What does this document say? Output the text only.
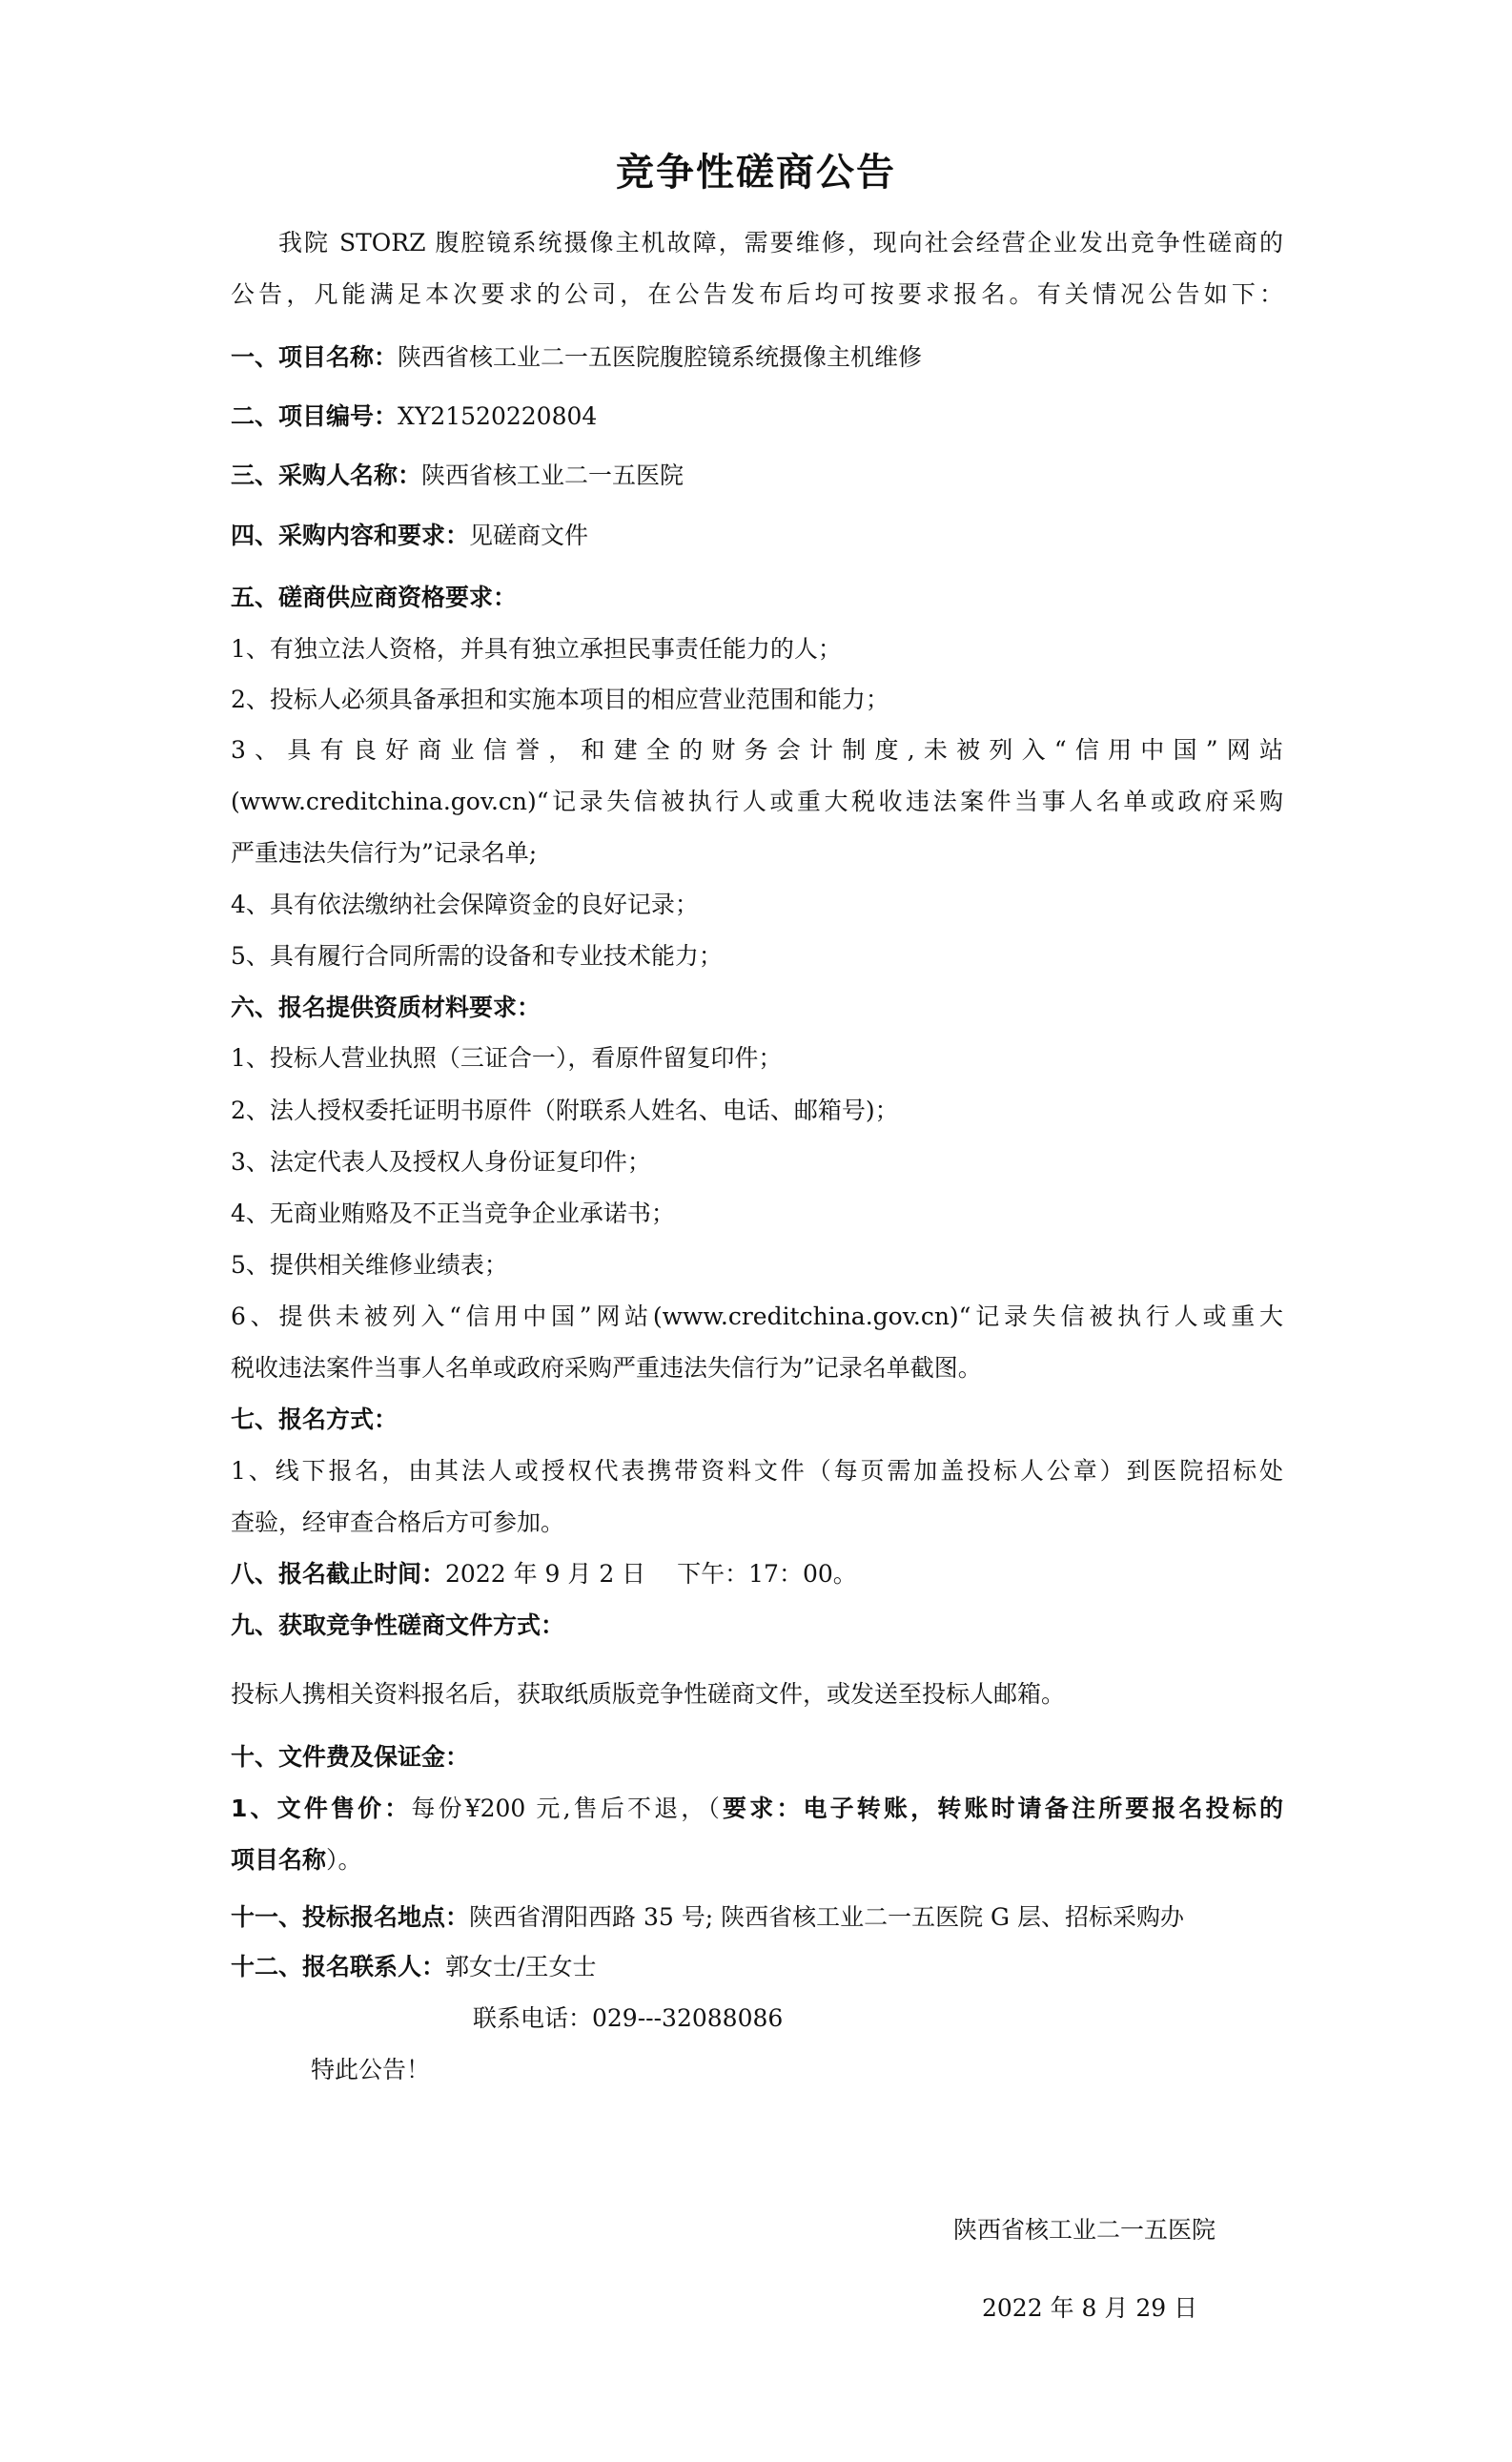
竞争性磋商公告
我院 STORZ 腹腔镜系统摄像主机故障，需要维修，现向社会经营企业发出竞争性磋商的
公告，凡能满足本次要求的公司，在公告发布后均可按要求报名。有关情况公告如下：
一、项目名称：陕西省核工业二一五医院腹腔镜系统摄像主机维修
二、项目编号：XY21520220804
三、采购人名称：陕西省核工业二一五医院
四、采购内容和要求：见磋商文件
五、磋商供应商资格要求：
1、有独立法人资格，并具有独立承担民事责任能力的人；
2、投标人必须具备承担和实施本项目的相应营业范围和能力；
3、具有良好商业信誉，和建全的财务会计制度,未被列入“信用中国”网站
(www.creditchina.gov.cn)“记录失信被执行人或重大税收违法案件当事人名单或政府采购
严重违法失信行为”记录名单;
4、具有依法缴纳社会保障资金的良好记录；
5、具有履行合同所需的设备和专业技术能力；
六、报名提供资质材料要求：
1、投标人营业执照（三证合一），看原件留复印件；
2、法人授权委托证明书原件（附联系人姓名、电话、邮箱号)；
3、法定代表人及授权人身份证复印件；
4、无商业贿赂及不正当竞争企业承诺书；
5、提供相关维修业绩表；
6、提供未被列入“信用中国”网站(www.creditchina.gov.cn)“记录失信被执行人或重大
税收违法案件当事人名单或政府采购严重违法失信行为”记录名单截图。
七、报名方式：
1、线下报名，由其法人或授权代表携带资料文件（每页需加盖投标人公章）到医院招标处
查验，经审查合格后方可参加。
八、报名截止时间：2022 年 9 月 2 日　 下午：17：00。
九、获取竞争性磋商文件方式：
投标人携相关资料报名后，获取纸质版竞争性磋商文件，或发送至投标人邮箱。
十、文件费及保证金：
1、文件售价：每份¥200 元,售后不退，（要求：电子转账，转账时请备注所要报名投标的
项目名称）。
十一、投标报名地点：陕西省渭阳西路 35 号; 陕西省核工业二一五医院 G 层、招标采购办
十二、报名联系人：郭女士/王女士
联系电话：029---32088086
特此公告！
陕西省核工业二一五医院
2022 年 8 月 29 日
